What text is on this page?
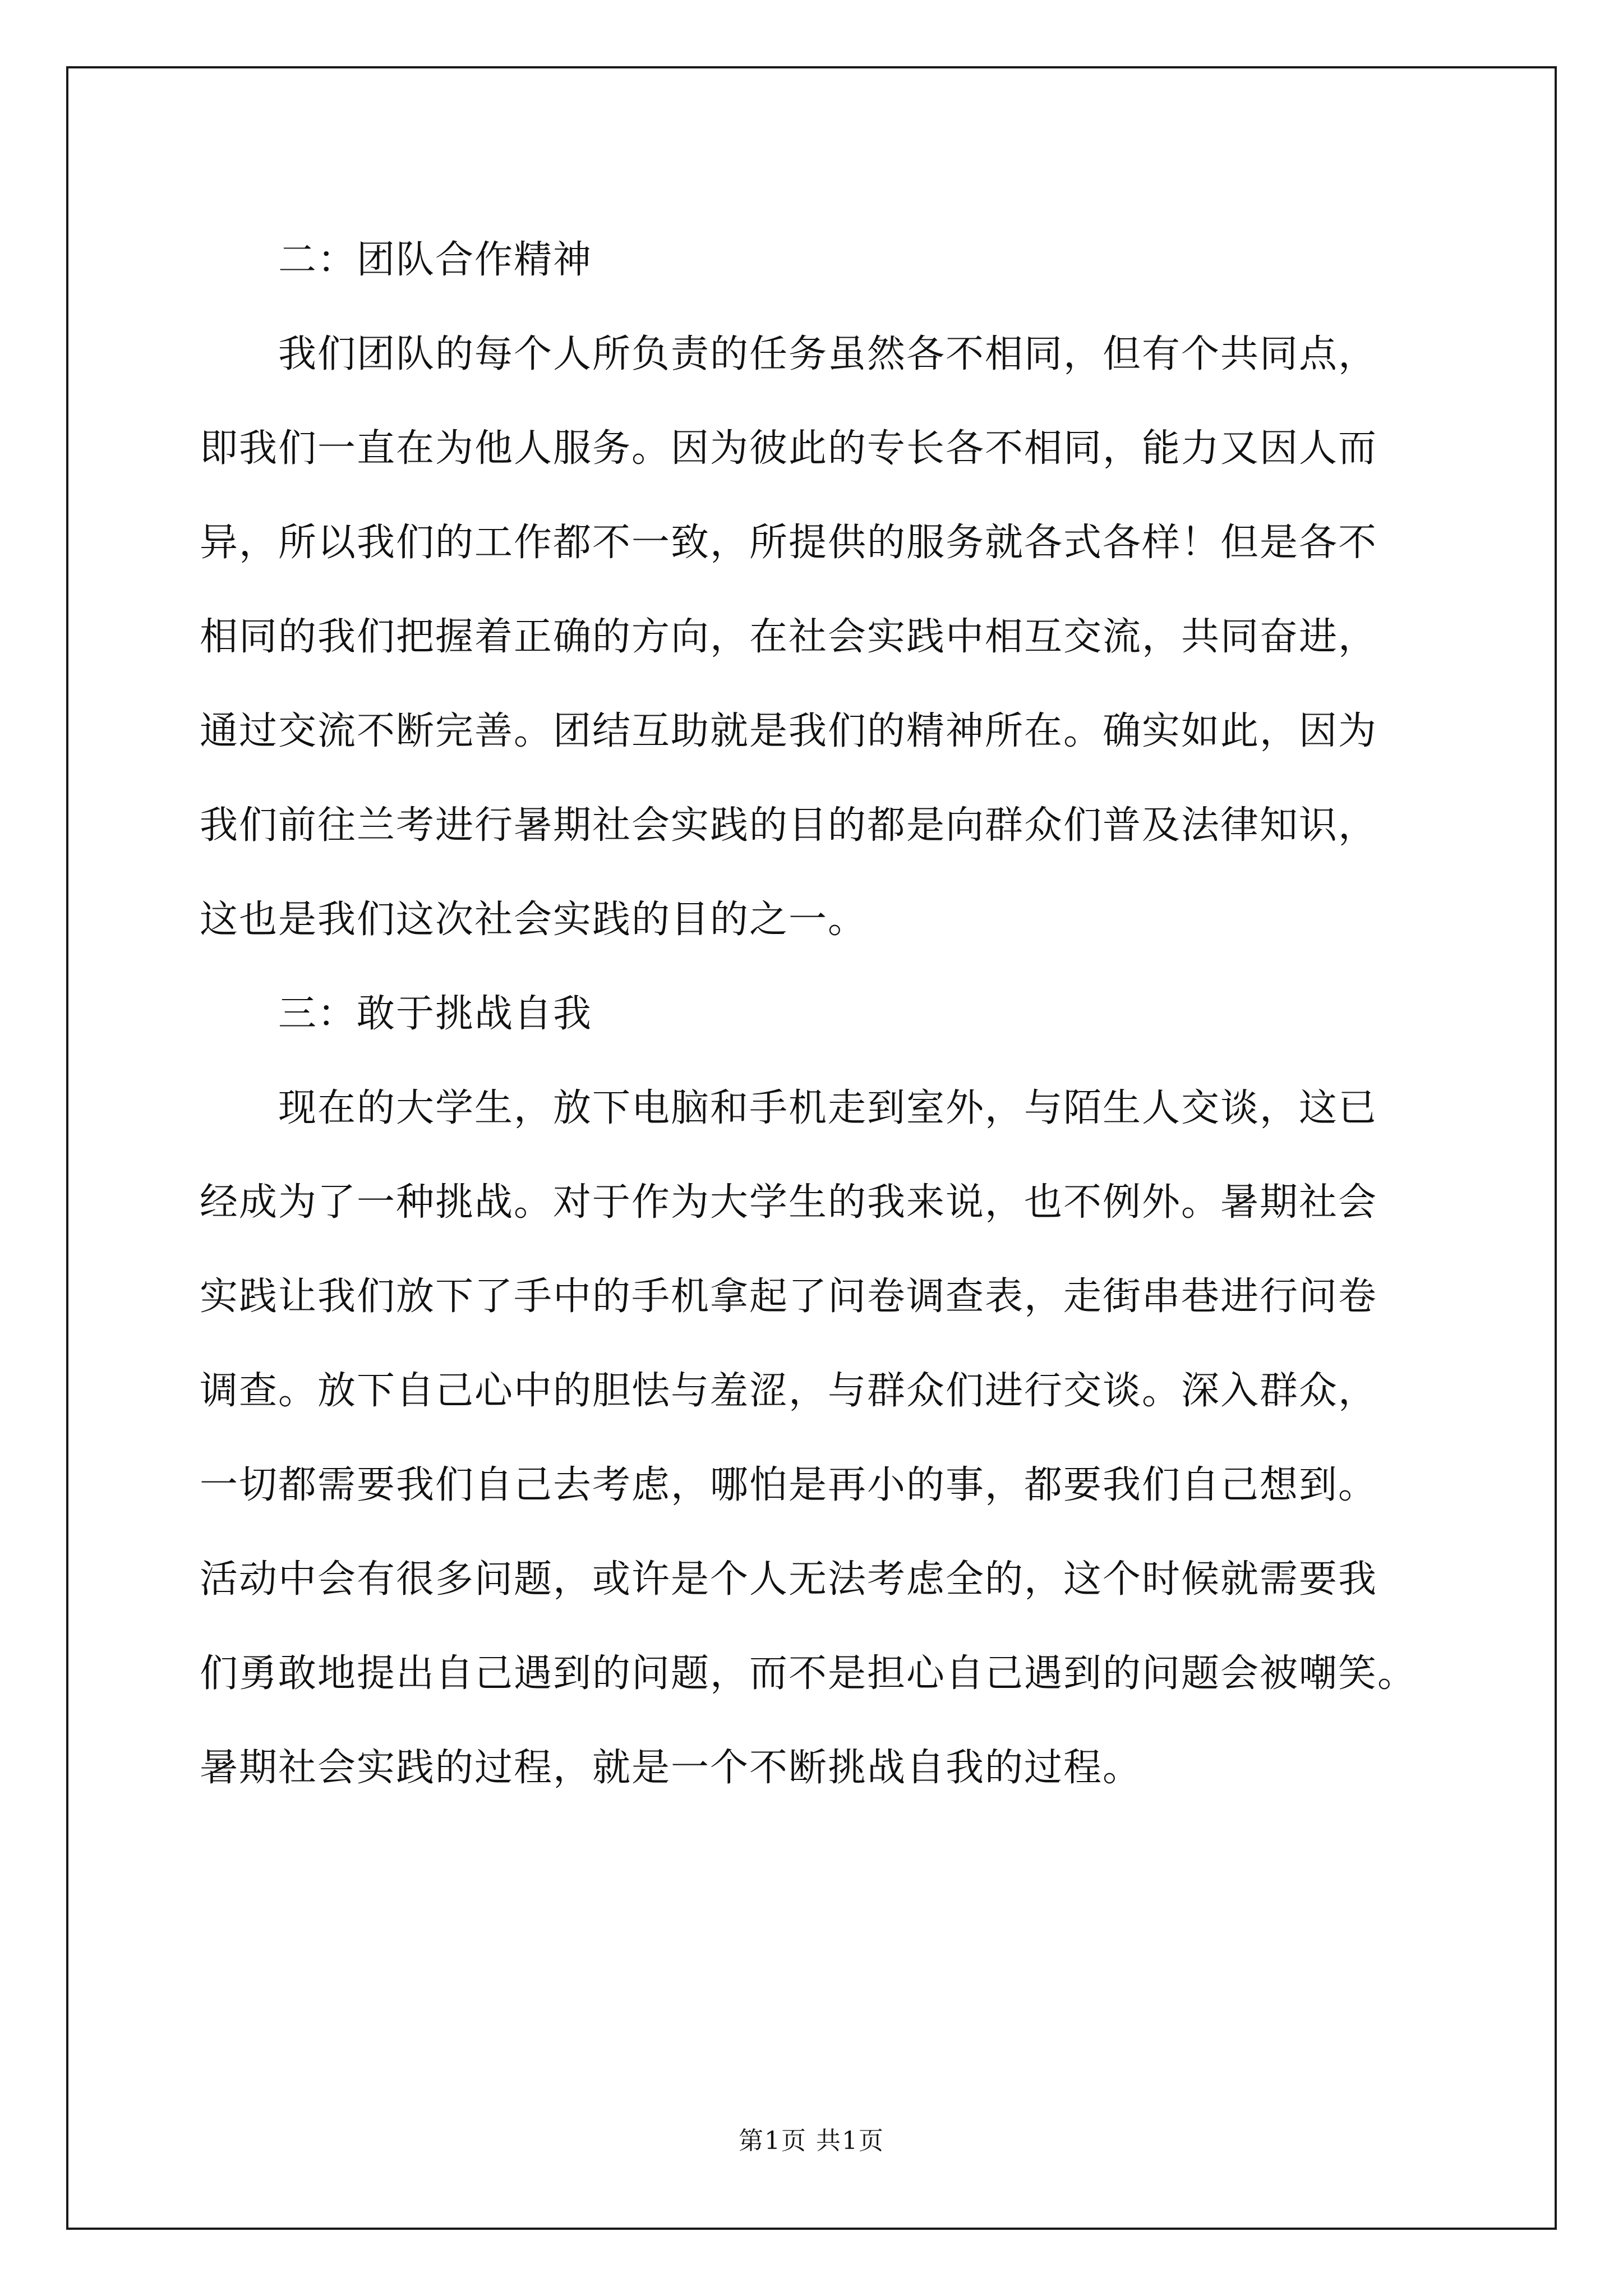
二：团队合作精神
我们团队的每个人所负责的任务虽然各不相同，但有个共同点，
即我们一直在为他人服务。因为彼此的专长各不相同，能力又因人而
异，所以我们的工作都不一致，所提供的服务就各式各样！但是各不
相同的我们把握着正确的方向，在社会实践中相互交流，共同奋进，
通过交流不断完善。团结互助就是我们的精神所在。确实如此，因为
我们前往兰考进行暑期社会实践的目的都是向群众们普及法律知识，
这也是我们这次社会实践的目的之一。
三：敢于挑战自我
现在的大学生，放下电脑和手机走到室外，与陌生人交谈，这已
经成为了一种挑战。对于作为大学生的我来说，也不例外。暑期社会
实践让我们放下了手中的手机拿起了问卷调查表，走街串巷进行问卷
调查。放下自己心中的胆怯与羞涩，与群众们进行交谈。深入群众，
一切都需要我们自己去考虑，哪怕是再小的事，都要我们自己想到。
活动中会有很多问题，或许是个人无法考虑全的，这个时候就需要我
们勇敢地提出自己遇到的问题，而不是担心自己遇到的问题会被嘲笑。
暑期社会实践的过程，就是一个不断挑战自我的过程。
第1页 共1页
